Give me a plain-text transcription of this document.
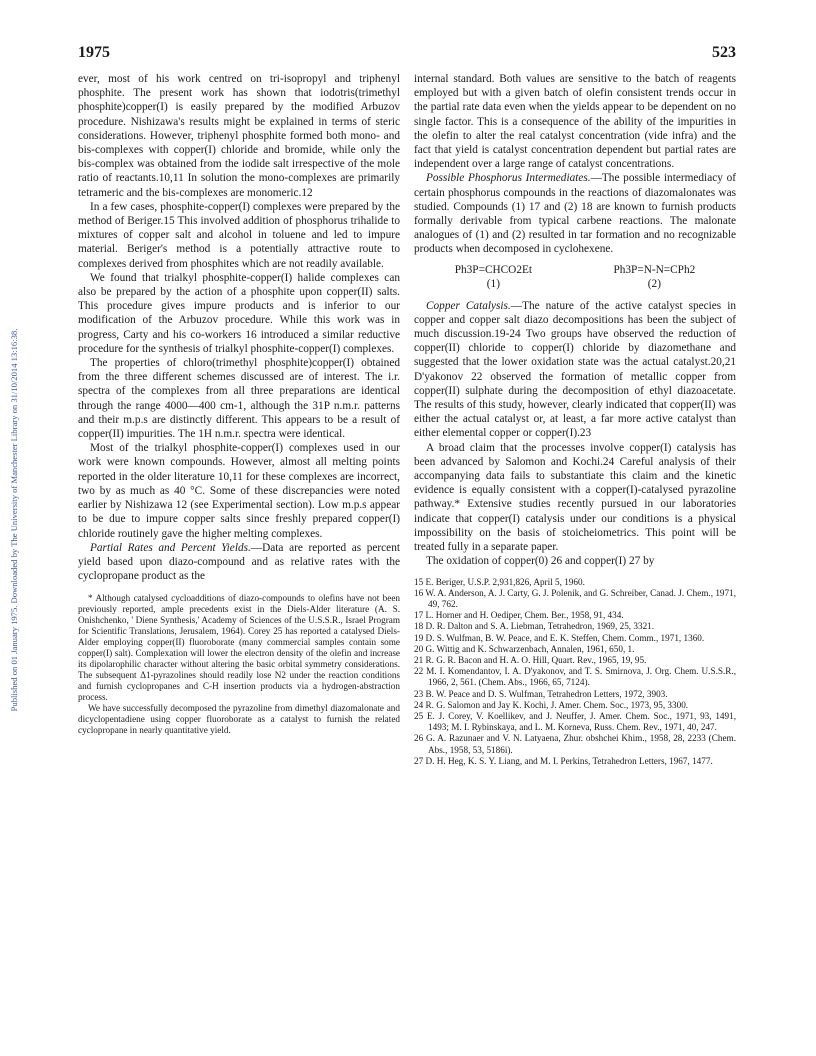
1975	523
Published on 01 January 1975. Downloaded by The University of Manchester Library on 31/10/2014 13:16:38.

ever, most of his work centred on tri-isopropyl and triphenyl phosphite. The present work has shown that iodotris(trimethyl phosphite)copper(I) is easily prepared by the modified Arbuzov procedure. Nishizawa's results might be explained in terms of steric considerations. However, triphenyl phosphite formed both mono- and bis-complexes with copper(I) chloride and bromide, while only the bis-complex was obtained from the iodide salt irrespective of the mole ratio of reactants.10,11 In solution the mono-complexes are primarily tetrameric and the bis-complexes are monomeric.12

In a few cases, phosphite-copper(I) complexes were prepared by the method of Beriger.15 This involved addition of phosphorus trihalide to mixtures of copper salt and alcohol in toluene and led to impure material. Beriger's method is a potentially attractive route to complexes derived from phosphites which are not readily available.

We found that trialkyl phosphite-copper(I) halide complexes can also be prepared by the action of a phosphite upon copper(II) salts. This procedure gives impure products and is inferior to our modification of the Arbuzov procedure. While this work was in progress, Carty and his co-workers 16 introduced a similar reductive procedure for the synthesis of trialkyl phosphite-copper(I) complexes.

The properties of chloro(trimethyl phosphite)copper(I) obtained from the three different schemes discussed are of interest. The i.r. spectra of the complexes from all three preparations are identical through the range 4000—400 cm-1, although the 31P n.m.r. patterns and their m.p.s are distinctly different. This appears to be a result of copper(II) impurities. The 1H n.m.r. spectra were identical.

Most of the trialkyl phosphite-copper(I) complexes used in our work were known compounds. However, almost all melting points reported in the older literature 10,11 for these complexes are incorrect, two by as much as 40 °C. Some of these discrepancies were noted earlier by Nishizawa 12 (see Experimental section). Low m.p.s appear to be due to impure copper salts since freshly prepared copper(I) chloride routinely gave the higher melting complexes.

Partial Rates and Percent Yields.—Data are reported as percent yield based upon diazo-compound and as relative rates with the cyclopropane product as the

* Although catalysed cycloadditions of diazo-compounds to olefins have not been previously reported, ample precedents exist in the Diels-Alder literature (A. S. Onishchenko, ' Diene Synthesis,' Academy of Sciences of the U.S.S.R., Israel Program for Scientific Translations, Jerusalem, 1964). Corey 25 has reported a catalysed Diels-Alder employing copper(II) fluoroborate (many commercial samples contain some copper(I) salt). Complexation will lower the electron density of the olefin and increase its dipolarophilic character without altering the basic orbital symmetry considerations. The subsequent Δ1-pyrazolines should readily lose N2 under the reaction conditions and furnish cyclopropanes and C-H insertion products via a hydrogen-abstraction process.

We have successfully decomposed the pyrazoline from dimethyl diazomalonate and dicyclopentadiene using copper fluoroborate as a catalyst to furnish the related cyclopropane in nearly quantitative yield.

internal standard. Both values are sensitive to the batch of reagents employed but with a given batch of olefin consistent trends occur in the partial rate data even when the yields appear to be dependent on no single factor. This is a consequence of the ability of the impurities in the olefin to alter the real catalyst concentration (vide infra) and the fact that yield is catalyst concentration dependent but partial rates are independent over a large range of catalyst concentrations.

Possible Phosphorus Intermediates.—The possible intermediacy of certain phosphorus compounds in the reactions of diazomalonates was studied. Compounds (1) 17 and (2) 18 are known to furnish products formally derivable from typical carbene reactions. The malonate analogues of (1) and (2) resulted in tar formation and no recognizable products when decomposed in cyclohexene.

Ph3P=CHCO2Et
(1)
Ph3P=N-N=CPh2
(2)

Copper Catalysis.—The nature of the active catalyst species in copper and copper salt diazo decompositions has been the subject of much discussion.19-24 Two groups have observed the reduction of copper(II) chloride to copper(I) chloride by diazomethane and suggested that the lower oxidation state was the actual catalyst.20,21 D'yakonov 22 observed the formation of metallic copper from copper(II) sulphate during the decomposition of ethyl diazoacetate. The results of this study, however, clearly indicated that copper(II) was either the actual catalyst or, at least, a far more active catalyst than either elemental copper or copper(I).23

A broad claim that the processes involve copper(I) catalysis has been advanced by Salomon and Kochi.24 Careful analysis of their accompanying data fails to substantiate this claim and the kinetic evidence is equally consistent with a copper(I)-catalysed pyrazoline pathway.* Extensive studies recently pursued in our laboratories indicate that copper(I) catalysis under our conditions is a physical impossibility on the basis of stoicheiometrics. This point will be treated fully in a separate paper.

The oxidation of copper(0) 26 and copper(I) 27 by

15 E. Beriger, U.S.P. 2,931,826, April 5, 1960.

16 W. A. Anderson, A. J. Carty, G. J. Polenik, and G. Schreiber, Canad. J. Chem., 1971, 49, 762.

17 L. Horner and H. Oediper, Chem. Ber., 1958, 91, 434.

18 D. R. Dalton and S. A. Liebman, Tetrahedron, 1969, 25, 3321.

19 D. S. Wulfman, B. W. Peace, and E. K. Steffen, Chem. Comm., 1971, 1360.

20 G. Wittig and K. Schwarzenbach, Annalen, 1961, 650, 1.

21 R. G. R. Bacon and H. A. O. Hill, Quart. Rev., 1965, 19, 95.

22 M. I. Komendantov, I. A. D'yakonov, and T. S. Smirnova, J. Org. Chem. U.S.S.R., 1966, 2, 561. (Chem. Abs., 1966, 65, 7124).

23 B. W. Peace and D. S. Wulfman, Tetrahedron Letters, 1972, 3903.

24 R. G. Salomon and Jay K. Kochi, J. Amer. Chem. Soc., 1973, 95, 3300.

25 E. J. Corey, V. Koellikev, and J. Neuffer, J. Amer. Chem. Soc., 1971, 93, 1491, 1493; M. I. Rybinskaya, and L. M. Korneva, Russ. Chem. Rev., 1971, 40, 247.

26 G. A. Razunaer and V. N. Latyaena, Zhur. obshchei Khim., 1958, 28, 2233 (Chem. Abs., 1958, 53, 5186i).

27 D. H. Heg, K. S. Y. Liang, and M. I. Perkins, Tetrahedron Letters, 1967, 1477.
